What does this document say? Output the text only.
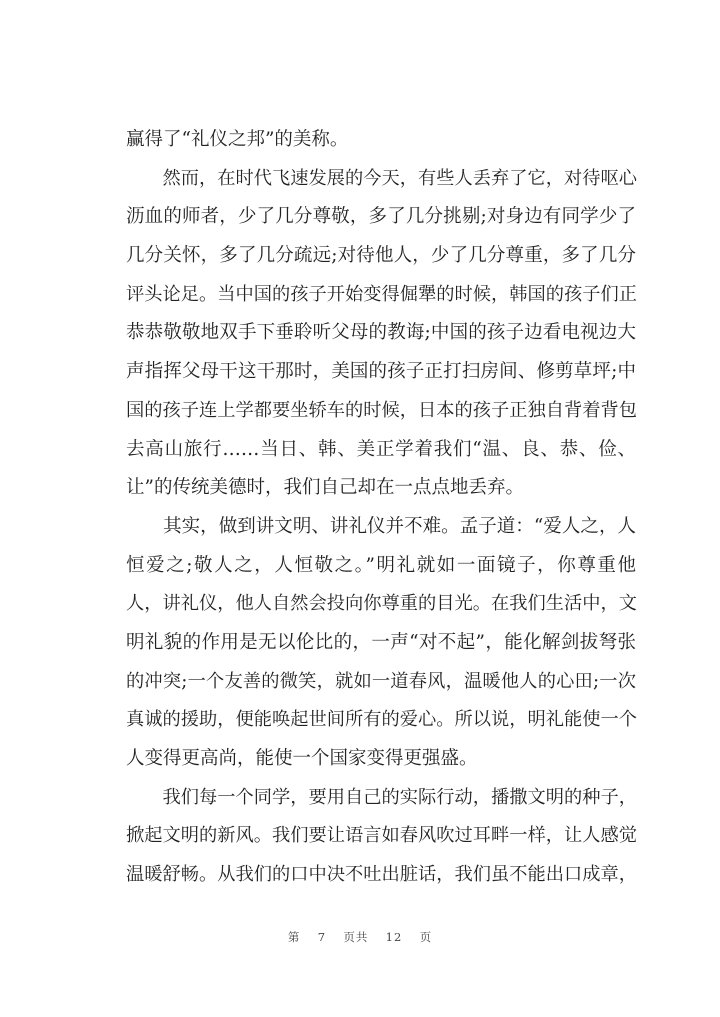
赢得了“礼仪之邦”的美称。
　　然而，在时代飞速发展的今天，有些人丢弃了它，对待呕心
沥血的师者，少了几分尊敬，多了几分挑剔;对身边有同学少了
几分关怀，多了几分疏远;对待他人，少了几分尊重，多了几分
评头论足。当中国的孩子开始变得倔犟的时候，韩国的孩子们正
恭恭敬敬地双手下垂聆听父母的教诲;中国的孩子边看电视边大
声指挥父母干这干那时，美国的孩子正打扫房间、修剪草坪;中
国的孩子连上学都要坐轿车的时候，日本的孩子正独自背着背包
去高山旅行……当日、韩、美正学着我们“温、良、恭、俭、
让”的传统美德时，我们自己却在一点点地丢弃。
　　其实，做到讲文明、讲礼仪并不难。孟子道：“爱人之，人
恒爱之;敬人之，人恒敬之。”明礼就如一面镜子，你尊重他
人，讲礼仪，他人自然会投向你尊重的目光。在我们生活中，文
明礼貌的作用是无以伦比的，一声“对不起”，能化解剑拔弩张
的冲突;一个友善的微笑，就如一道春风，温暖他人的心田;一次
真诚的援助，便能唤起世间所有的爱心。所以说，明礼能使一个
人变得更高尚，能使一个国家变得更强盛。
　　我们每一个同学，要用自己的实际行动，播撒文明的种子，
掀起文明的新风。我们要让语言如春风吹过耳畔一样，让人感觉
温暖舒畅。从我们的口中决不吐出脏话，我们虽不能出口成章，
第 7 页共 12 页
